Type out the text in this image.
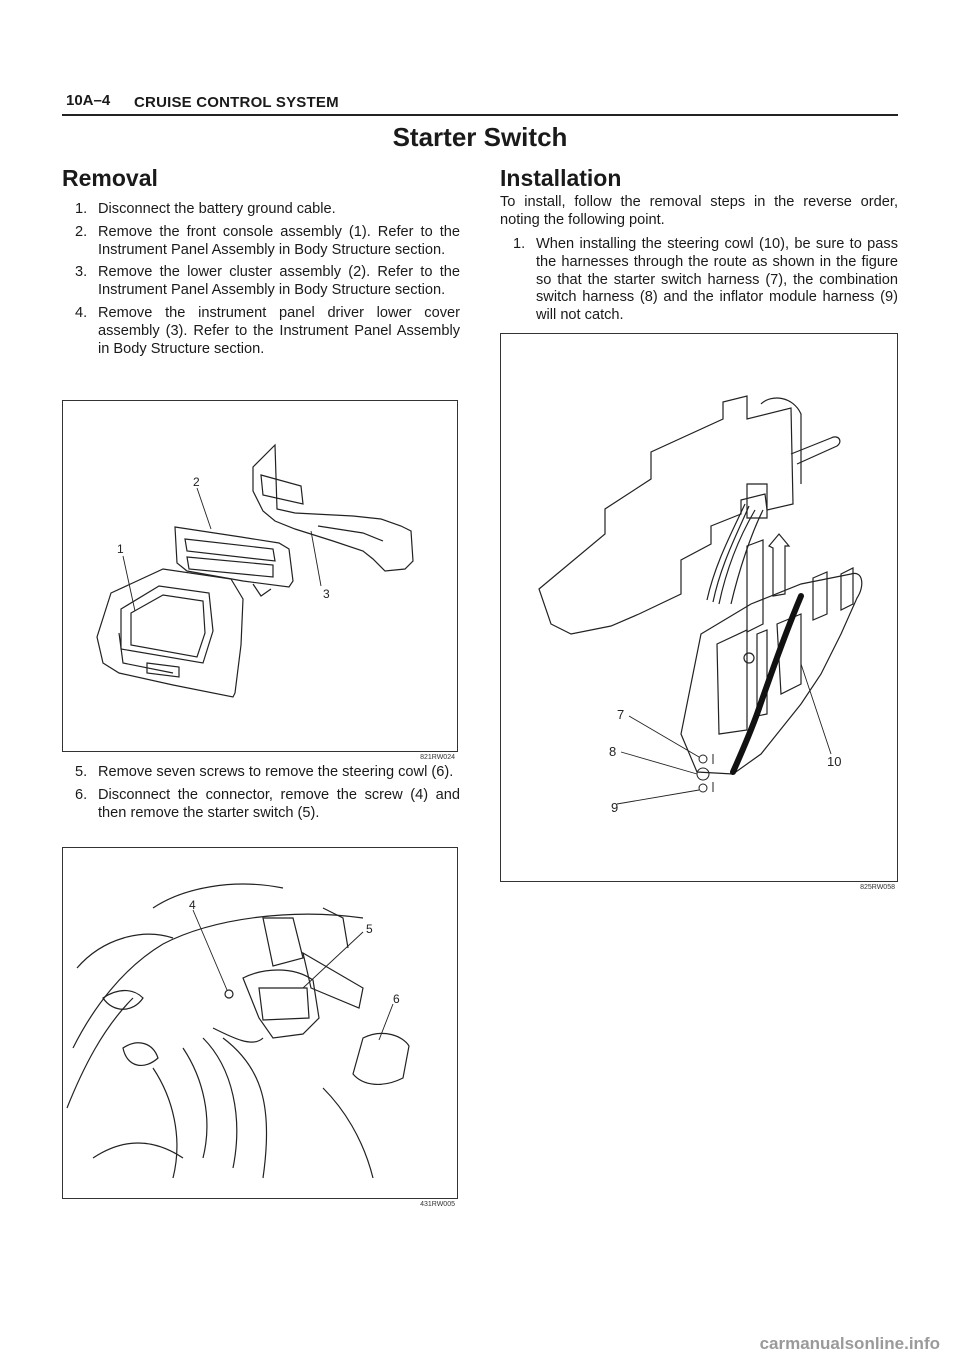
10A–4 CRUISE CONTROL SYSTEM
Starter Switch
Removal
1. Disconnect the battery ground cable.
2. Remove the front console assembly (1). Refer to the Instrument Panel Assembly in Body Structure section.
3. Remove the lower cluster assembly (2). Refer to the Instrument Panel Assembly in Body Structure section.
4. Remove the instrument panel driver lower cover assembly (3). Refer to the Instrument Panel Assembly in Body Structure section.
1
2
3
821RW024
5. Remove seven screws to remove the steering cowl (6).
6. Disconnect the connector, remove the screw (4) and then remove the starter switch (5).
4
5
6
431RW005
Installation

To install, follow the removal steps in the reverse order, noting the following point.

1. When installing the steering cowl (10), be sure to pass the harnesses through the route as shown in the figure so that the starter switch harness (7), the combination switch harness (8) and the inflator module harness (9) will not catch.
7
8
9
10
825RW058
carmanualsonline.info
